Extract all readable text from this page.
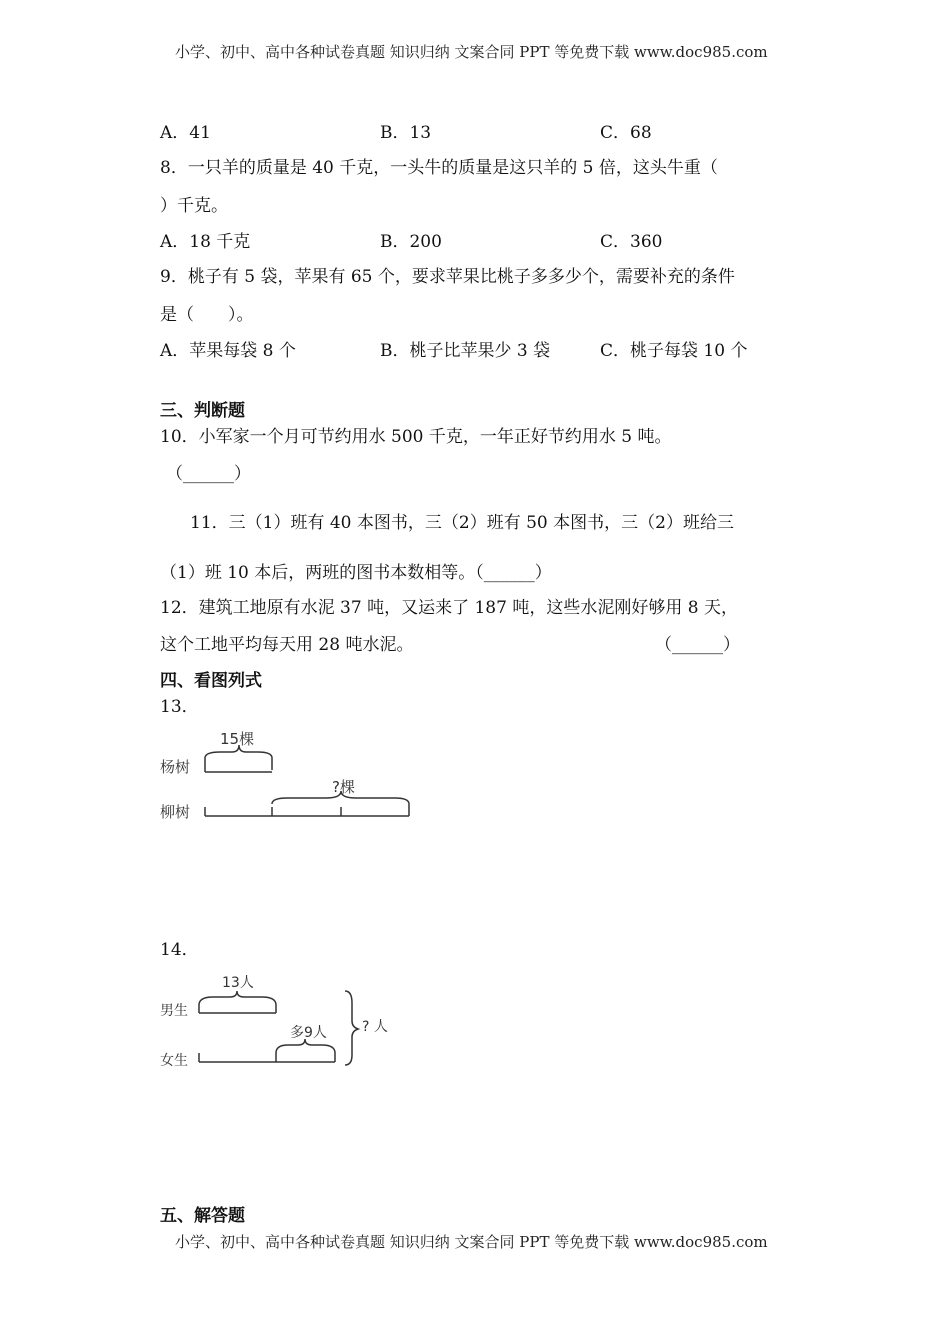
小学、初中、高中各种试卷真题 知识归纳 文案合同 PPT 等免费下载 www.doc985.com
A．41	B．13	C．68
8．一只羊的质量是 40 千克，一头牛的质量是这只羊的 5 倍，这头牛重（
）千克。
A．18 千克	B．200	C．360
9．桃子有 5 袋，苹果有 65 个，要求苹果比桃子多多少个，需要补充的条件
是（　　）。
A．苹果每袋 8 个	B．桃子比苹果少 3 袋	C．桃子每袋 10 个
三、判断题
10．小军家一个月可节约用水 500 千克，一年正好节约用水 5 吨。
（______）
11．三（1）班有 40 本图书，三（2）班有 50 本图书，三（2）班给三
（1）班 10 本后，两班的图书本数相等。（______）
12．建筑工地原有水泥 37 吨，又运来了 187 吨，这些水泥刚好够用 8 天，
这个工地平均每天用 28 吨水泥。	（______）
四、看图列式
13．
杨树
15棵
柳树
?棵
14．
男生
13人
女生
多9人	? 人
五、解答题
小学、初中、高中各种试卷真题 知识归纳 文案合同 PPT 等免费下载 www.doc985.com
